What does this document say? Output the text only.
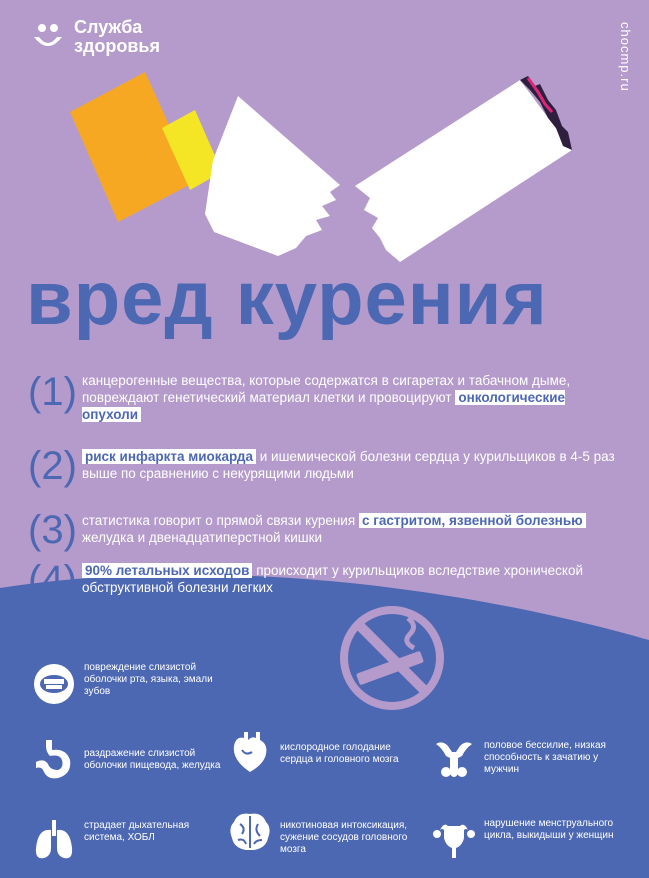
Служба
здоровья	chocmp.ru
вред курения
(1) канцерогенные вещества, которые содержатся в сигаретах и табачном дыме, повреждают генетический материал клетки и провоцируют онкологические опухоли
(2) риск инфаркта миокарда и ишемической болезни сердца у курильщиков в 4-5 раз выше по сравнению с некурящими людьми
(3) статистика говорит о прямой связи курения с гастритом, язвенной болезнью желудка и двенадцатиперстной кишки
(4) 90% летальных исходов происходит у курильщиков вследствие хронической обструктивной болезни легких
повреждение слизистой оболочки рта, языка, эмали зубов
раздражение слизистой оболочки пищевода, желудка
кислородное голодание сердца и головного мозга
половое бессилие, низкая способность к зачатию у мужчин
страдает дыхательная система, ХОБЛ
никотиновая интоксикация, сужение сосудов головного мозга
нарушение менструального цикла, выкидыши у женщин
